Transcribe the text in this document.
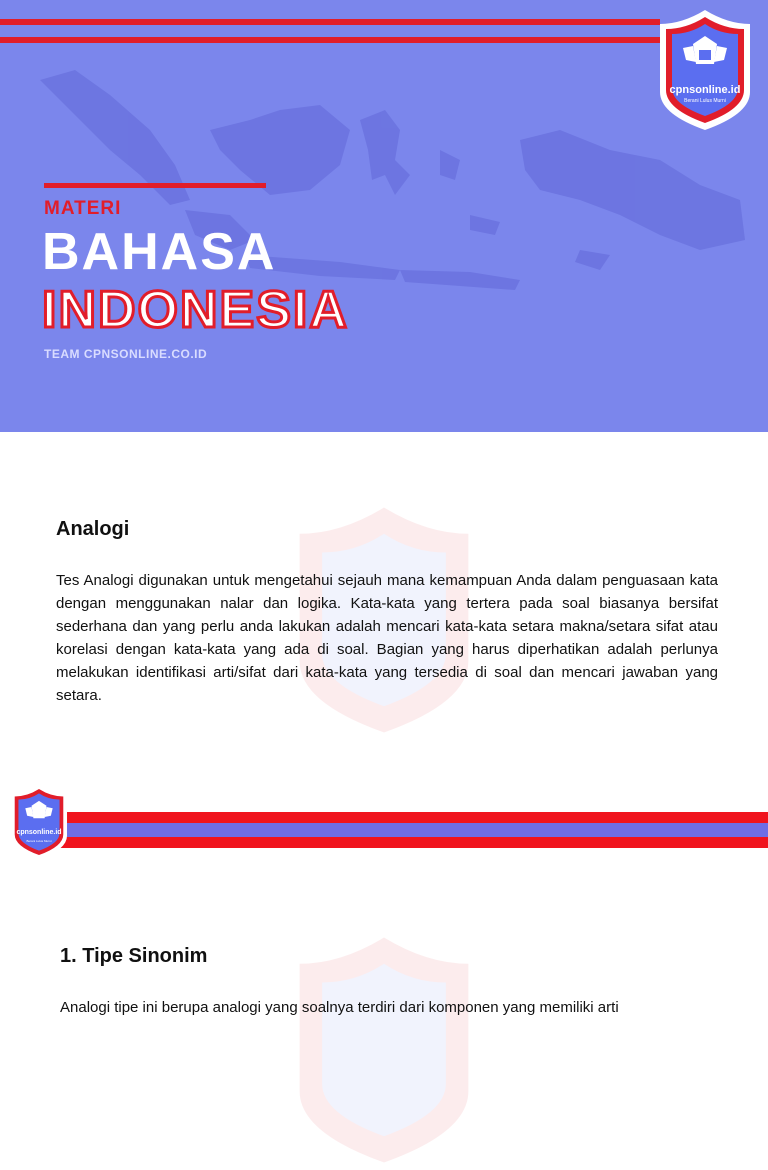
MATERI
BAHASA
INDONESIA
TEAM CPNSONLINE.CO.ID
cpnsonline.id
Berani Lulus Murni
Analogi
Tes Analogi digunakan untuk mengetahui sejauh mana kemampuan Anda dalam penguasaan kata dengan menggunakan nalar dan logika. Kata-kata yang tertera pada soal biasanya bersifat sederhana dan yang perlu anda lakukan adalah mencari kata-kata setara makna/setara sifat atau korelasi dengan kata-kata yang ada di soal. Bagian yang harus diperhatikan adalah perlunya melakukan identifikasi arti/sifat dari kata-kata yang tersedia di soal dan mencari jawaban yang setara.
cpnsonline.id
Berani Lulus Murni
1. Tipe Sinonim
Analogi tipe ini berupa analogi yang soalnya terdiri dari komponen yang memiliki arti
